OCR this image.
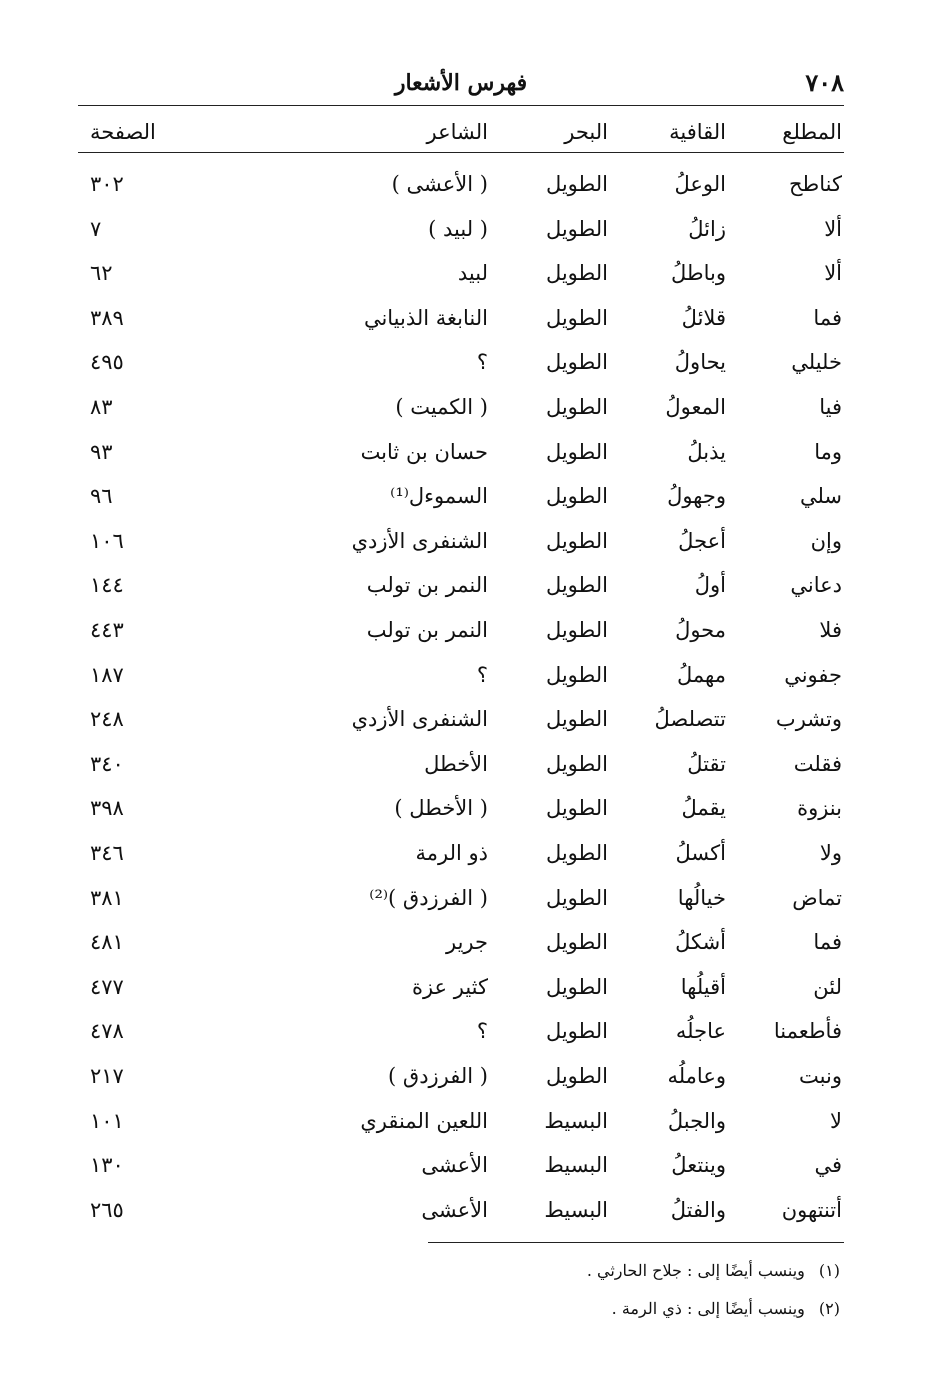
٧٠٨
فهرس الأشعار
المطلع
القافية
البحر
الشاعر
الصفحة
كناطح
الوعلُ
الطويل
( الأعشى )
٣٠٢
ألا
زائلُ
الطويل
( لبيد )
٧
ألا
وباطلُ
الطويل
لبيد
٦٢
فما
قلائلُ
الطويل
النابغة الذبياني
٣٨٩
خليلي
يحاولُ
الطويل
؟
٤٩٥
فيا
المعولُ
الطويل
( الكميت )
٨٣
وما
يذبلُ
الطويل
حسان بن ثابت
٩٣
سلي
وجهولُ
الطويل
السموءل⁽¹⁾
٩٦
وإن
أعجلُ
الطويل
الشنفرى الأزدي
١٠٦
دعاني
أولُ
الطويل
النمر بن تولب
١٤٤
فلا
محولُ
الطويل
النمر بن تولب
٤٤٣
جفوني
مهملُ
الطويل
؟
١٨٧
وتشرب
تتصلصلُ
الطويل
الشنفرى الأزدي
٢٤٨
فقلت
تقتلُ
الطويل
الأخطل
٣٤٠
بنزوة
يقملُ
الطويل
( الأخطل )
٣٩٨
ولا
أكسلُ
الطويل
ذو الرمة
٣٤٦
تماض
خيالُها
الطويل
( الفرزدق )⁽²⁾
٣٨١
فما
أشكلُ
الطويل
جرير
٤٨١
لئن
أقيلُها
الطويل
كثير عزة
٤٧٧
فأطعمنا
عاجلُه
الطويل
؟
٤٧٨
ونبت
وعاملُه
الطويل
( الفرزدق )
٢١٧
لا
والجبلُ
البسيط
اللعين المنقري
١٠١
في
وينتعلُ
البسيط
الأعشى
١٣٠
أتنتهون
والفتلُ
البسيط
الأعشى
٢٦٥
(١)وينسب أيضًا إلى : جلاح الحارثي .
(٢)وينسب أيضًا إلى : ذي الرمة .
